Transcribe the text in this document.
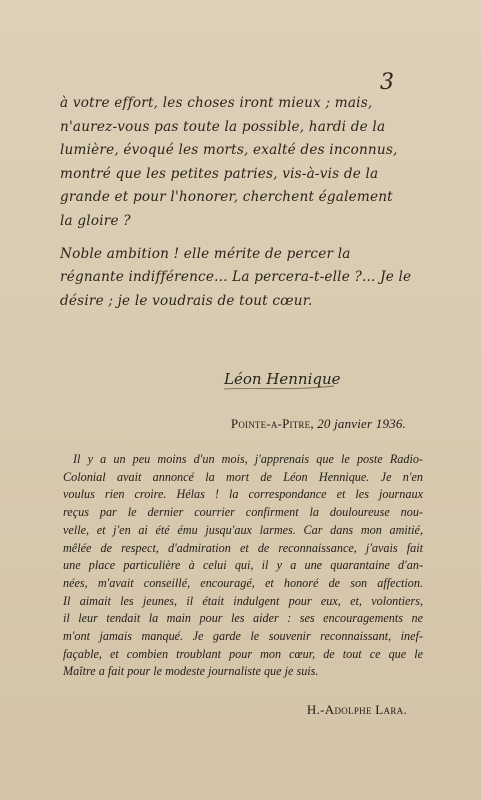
3
à votre effort, les choses iront mieux ; mais,
n'aurez-vous pas toute la possible, hardi de la
lumière, évoqué les morts, exalté des inconnus,
montré que les petites patries, vis-à-vis de la
grande et pour l'honorer, cherchent également
la gloire ?
Noble ambition ! elle mérite de percer la
régnante indifférence... La percera-t-elle ?... Je le
désire ; je le voudrais de tout cœur.
Léon Hennique
Pointe-a-Pitre, 20 janvier 1936.
Il y a un peu moins d'un mois, j'apprenais que le poste Radio-
Colonial avait annoncé la mort de Léon Hennique. Je n'en
voulus rien croire. Hélas ! la correspondance et les journaux
reçus par le dernier courrier confirment la douloureuse nou-
velle, et j'en ai été ému jusqu'aux larmes. Car dans mon amitié,
mêlée de respect, d'admiration et de reconnaissance, j'avais fait
une place particulière à celui qui, il y a une quarantaine d'an-
nées, m'avait conseillé, encouragé, et honoré de son affection.
Il aimait les jeunes, il était indulgent pour eux, et, volontiers,
il leur tendait la main pour les aider : ses encouragements ne
m'ont jamais manqué. Je garde le souvenir reconnaissant, inef-
façable, et combien troublant pour mon cœur, de tout ce que le
Maître a fait pour le modeste journaliste que je suis.
H.-Adolphe Lara.
